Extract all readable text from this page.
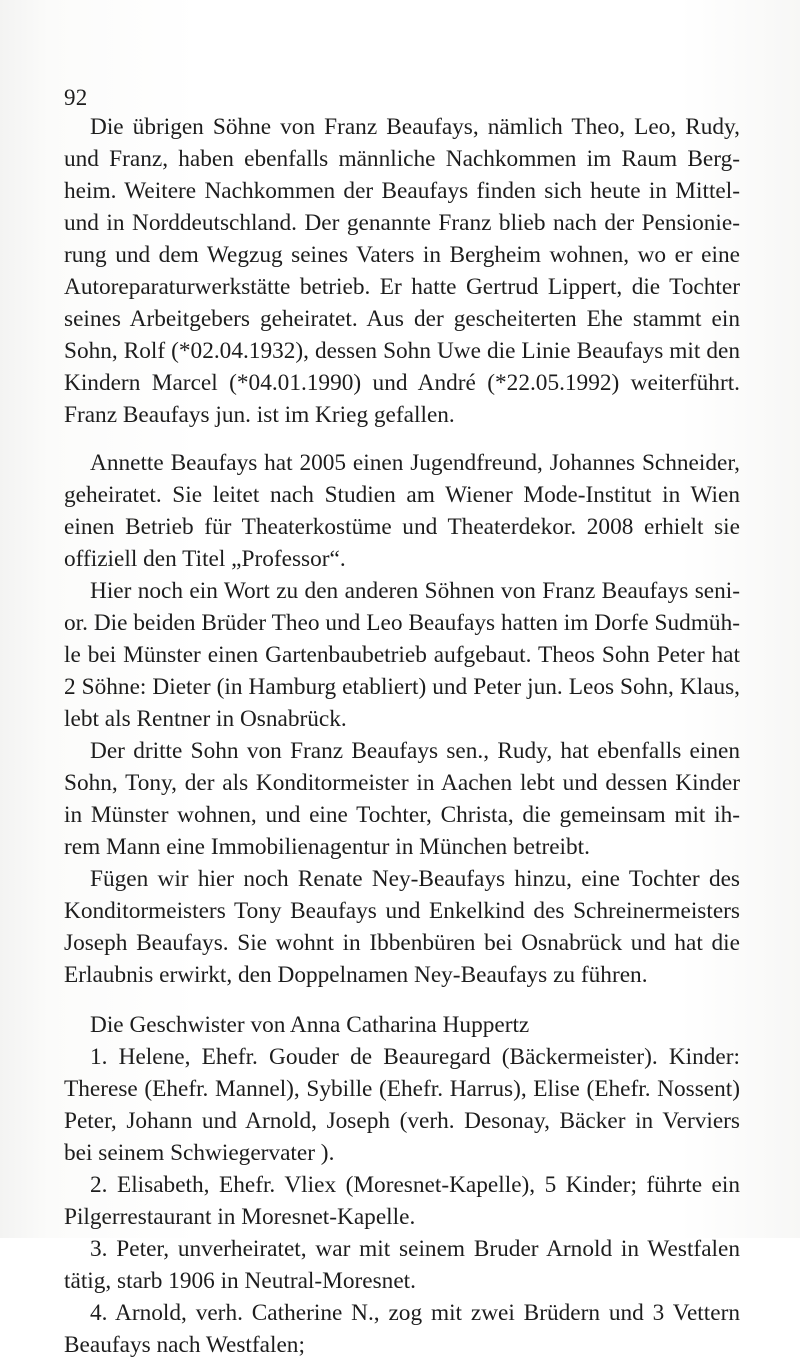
92
Die übrigen Söhne von Franz Beaufays, nämlich Theo, Leo, Rudy,
und Franz, haben ebenfalls männliche Nachkommen im Raum Berg-
heim. Weitere Nachkommen der Beaufays finden sich heute in Mittel-
und in Norddeutschland. Der genannte Franz blieb nach der Pensionie-
rung und dem Wegzug seines Vaters in Bergheim wohnen, wo er eine
Autoreparaturwerkstätte betrieb. Er hatte Gertrud Lippert, die Tochter
seines Arbeitgebers geheiratet. Aus der gescheiterten Ehe stammt ein
Sohn, Rolf (*02.04.1932), dessen Sohn Uwe die Linie Beaufays mit den
Kindern Marcel (*04.01.1990) und André (*22.05.1992) weiterführt.
Franz Beaufays jun. ist im Krieg gefallen.
Annette Beaufays hat 2005 einen Jugendfreund, Johannes Schneider,
geheiratet. Sie leitet nach Studien am Wiener Mode-Institut in Wien
einen Betrieb für Theaterkostüme und Theaterdekor. 2008 erhielt sie
offiziell den Titel „Professor“.
Hier noch ein Wort zu den anderen Söhnen von Franz Beaufays seni-
or. Die beiden Brüder Theo und Leo Beaufays hatten im Dorfe Sudmüh-
le bei Münster einen Gartenbaubetrieb aufgebaut. Theos Sohn Peter hat
2 Söhne: Dieter (in Hamburg etabliert) und Peter jun. Leos Sohn, Klaus,
lebt als Rentner in Osnabrück.
Der dritte Sohn von Franz Beaufays sen., Rudy, hat ebenfalls einen
Sohn, Tony, der als Konditormeister in Aachen lebt und dessen Kinder
in Münster wohnen, und eine Tochter, Christa, die gemeinsam mit ih-
rem Mann eine Immobilienagentur in München betreibt.
Fügen wir hier noch Renate Ney-Beaufays hinzu, eine Tochter des
Konditormeisters Tony Beaufays und Enkelkind des Schreinermeisters
Joseph Beaufays. Sie wohnt in Ibbenbüren bei Osnabrück und hat die
Erlaubnis erwirkt, den Doppelnamen Ney-Beaufays zu führen.
Die Geschwister von Anna Catharina Huppertz
1. Helene, Ehefr. Gouder de Beauregard (Bäckermeister). Kinder:
Therese (Ehefr. Mannel), Sybille (Ehefr. Harrus), Elise (Ehefr. Nossent)
Peter, Johann und Arnold, Joseph (verh. Desonay, Bäcker in Verviers
bei seinem Schwiegervater ).
2. Elisabeth, Ehefr. Vliex (Moresnet-Kapelle), 5 Kinder; führte ein
Pilgerrestaurant in Moresnet-Kapelle.
3. Peter, unverheiratet, war mit seinem Bruder Arnold in Westfalen
tätig, starb 1906 in Neutral-Moresnet.
4. Arnold, verh. Catherine N., zog mit zwei Brüdern und 3 Vettern
Beaufays nach Westfalen;
